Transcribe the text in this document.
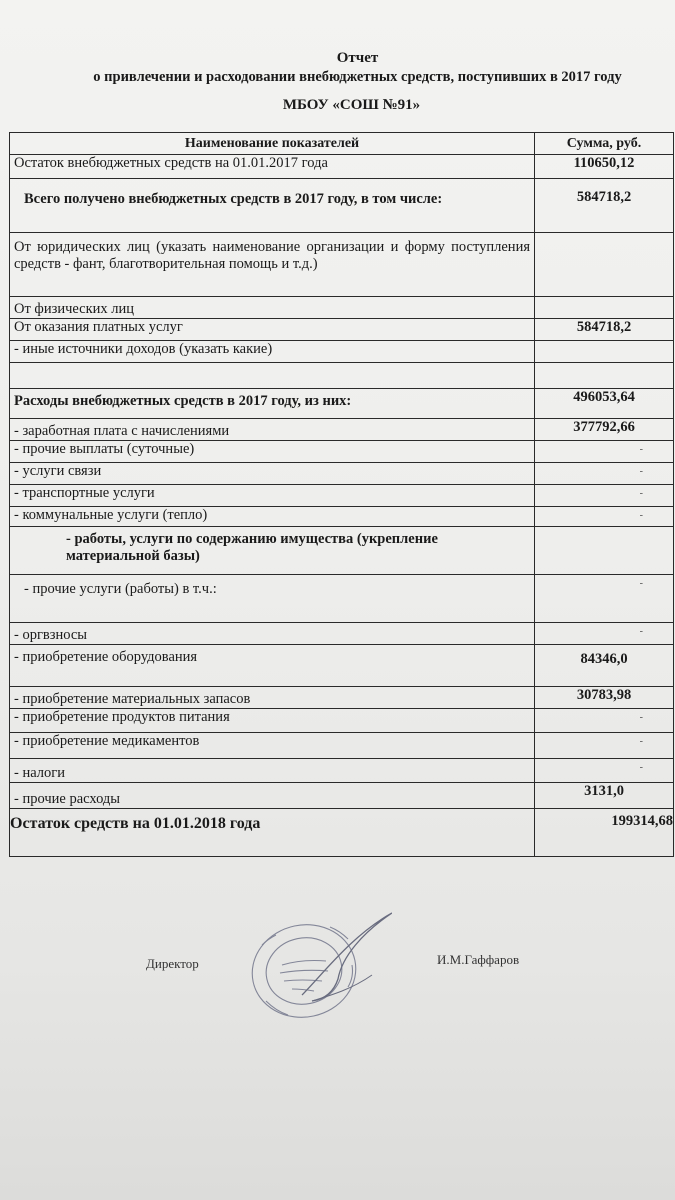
Отчет
о привлечении и расходовании внебюджетных средств, поступивших в 2017 году
МБОУ «СОШ №91»
Наименование показателей	Сумма, руб.
Остаток внебюджетных средств на 01.01.2017 года	110650,12
Всего получено внебюджетных средств в 2017 году, в том числе:	584718,2
От юридических лиц (указать наименование организации и форму поступления средств - фант, благотворительная помощь и т.д.)	
От физических лиц	
От оказания платных услуг	584718,2
- иные источники доходов (указать какие)	

Расходы внебюджетных средств в 2017 году, из них:	496053,64
- заработная плата с начислениями	377792,66
- прочие выплаты (суточные)	-
- услуги связи	-
- транспортные услуги	-
- коммунальные услуги (тепло)	-
- работы, услуги по содержанию имущества (укрепление материальной базы)	
- прочие услуги (работы) в т.ч.:	-
- оргвзносы	-
- приобретение оборудования	84346,0
- приобретение материальных запасов	30783,98
- приобретение продуктов питания	-
- приобретение медикаментов	-
- налоги	-
- прочие расходы	3131,0
Остаток средств на 01.01.2018 года	199314,68
Директор	И.М.Гаффаров
